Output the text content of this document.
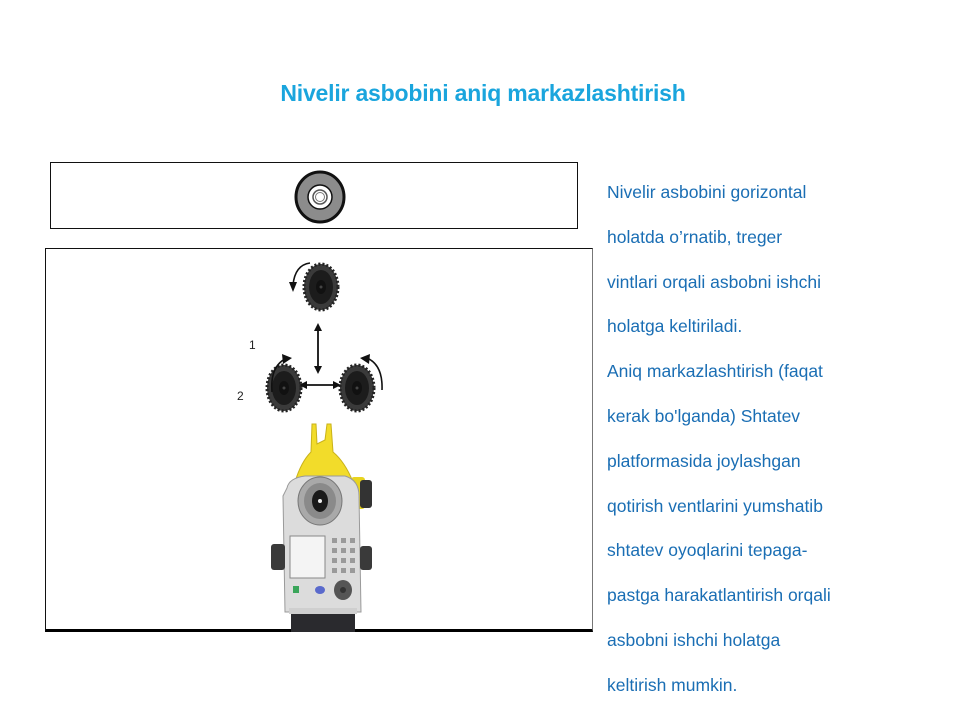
Nivelir asbobini aniq markazlashtirish
1
2

Nivelir asbobini gorizontal

holatda o’rnatib, treger

vintlari orqali asbobni ishchi

holatga keltiriladi.

Aniq markazlashtirish (faqat

kerak bo'lganda) Shtatev

platformasida joylashgan

qotirish ventlarini yumshatib

shtatev oyoqlarini tepaga-

pastga harakatlantirish orqali

asbobni ishchi holatga

keltirish mumkin.
